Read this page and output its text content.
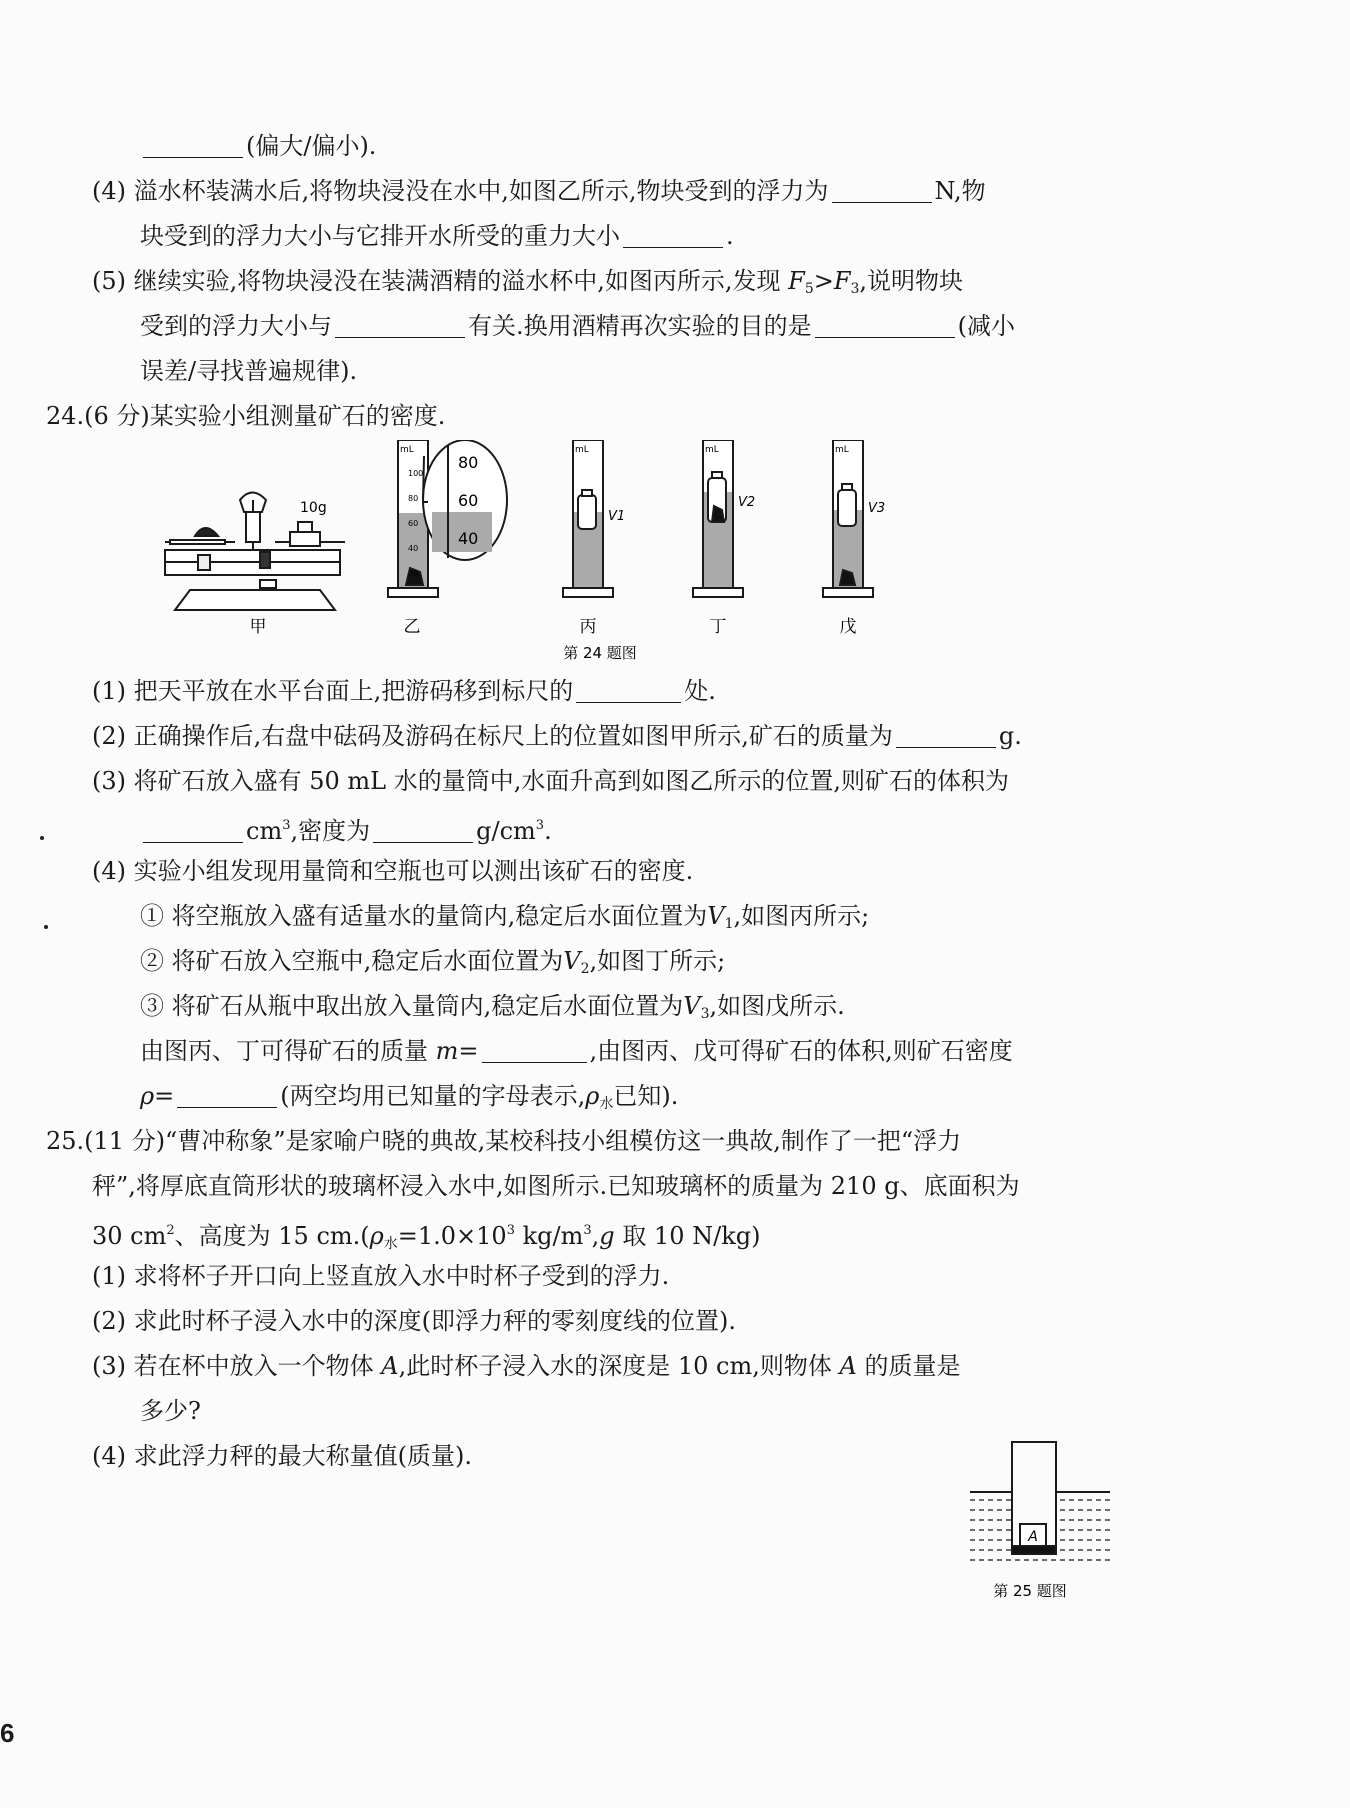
(偏大/偏小).
(4) 溢水杯装满水后,将物块浸没在水中,如图乙所示,物块受到的浮力为	N,物
块受到的浮力大小与它排开水所受的重力大小	.
(5) 继续实验,将物块浸没在装满酒精的溢水杯中,如图丙所示,发现 $F_5>F_3$,说明物块
受到的浮力大小与	有关.换用酒精再次实验的目的是	(减小
误差/寻找普遍规律).
24.(6 分)某实验小组测量矿石的密度.
10g
mL	mL	mL	mL
100
80
60
40
20
80
60
40
V1
V2	V3
甲	乙	丙	丁	戊
第 24 题图
(1) 把天平放在水平台面上,把游码移到标尺的	处.
(2) 正确操作后,右盘中砝码及游码在标尺上的位置如图甲所示,矿石的质量为	g.
(3) 将矿石放入盛有 50 mL 水的量筒中,水面升高到如图乙所示的位置,则矿石的体积为
$cm^3$,密度为	$g/cm^3$.
(4) 实验小组发现用量筒和空瓶也可以测出该矿石的密度.
① 将空瓶放入盛有适量水的量筒内,稳定后水面位置为$V_1$,如图丙所示;
② 将矿石放入空瓶中,稳定后水面位置为$V_2$,如图丁所示;
③ 将矿石从瓶中取出放入量筒内,稳定后水面位置为$V_3$,如图戊所示.
由图丙、丁可得矿石的质量 m=	,由图丙、戊可得矿石的体积,则矿石密度
ρ=	(两空均用已知量的字母表示$,\rho_水$已知).
25.(11 分)“曹冲称象”是家喻户晓的典故,某校科技小组模仿这一典故,制作了一把“浮力
秤”,将厚底直筒形状的玻璃杯浸入水中,如图所示.已知玻璃杯的质量为 210 g、底面积为
30 $cm^2$、高度为 15 $cm.(\rho_水=1.0\times 10^3$ $kg/m^3,g$ 取 10 N/kg)
(1) 求将杯子开口向上竖直放入水中时杯子受到的浮力.
(2) 求此时杯子浸入水中的深度(即浮力秤的零刻度线的位置).
(3) 若在杯中放入一个物体 A,此时杯子浸入水的深度是 10 cm,则物体 A 的质量是
多少?
(4) 求此浮力秤的最大称量值(质量).
A
第 25 题图
6
